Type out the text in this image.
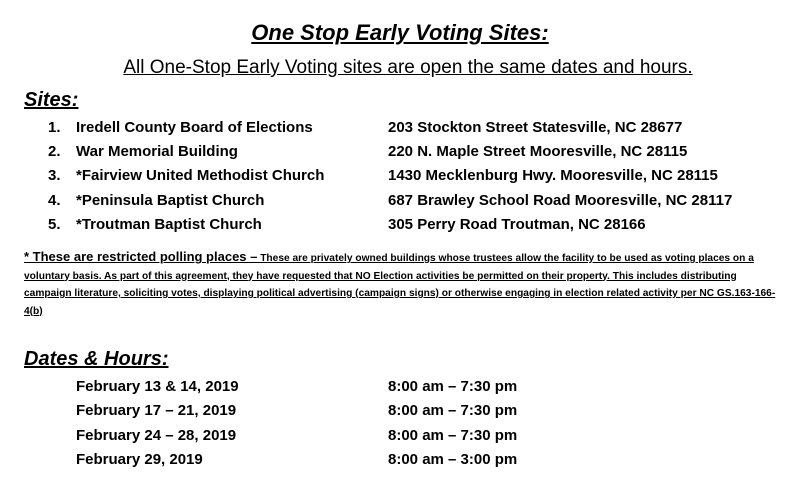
One Stop Early Voting Sites:

All One-Stop Early Voting sites are open the same dates and hours.

Sites:
1. Iredell County Board of Elections	203 Stockton Street Statesville, NC 28677
2. War Memorial Building	220 N. Maple Street Mooresville, NC 28115
3. *Fairview United Methodist Church	1430 Mecklenburg Hwy. Mooresville, NC 28115
4. *Peninsula Baptist Church	687 Brawley School Road Mooresville, NC 28117
5. *Troutman Baptist Church	305 Perry Road Troutman, NC 28166

* These are restricted polling places – These are privately owned buildings whose trustees allow the facility to be used as voting places on a voluntary basis. As part of this agreement, they have requested that NO Election activities be permitted on their property. This includes distributing campaign literature, soliciting votes, displaying political advertising (campaign signs) or otherwise engaging in election related activity per NC GS.163-166-4(b)

Dates & Hours:
February 13 & 14, 2019	8:00 am – 7:30 pm
February 17 – 21, 2019	8:00 am – 7:30 pm
February 24 – 28, 2019	8:00 am – 7:30 pm
February 29, 2019	8:00 am – 3:00 pm
